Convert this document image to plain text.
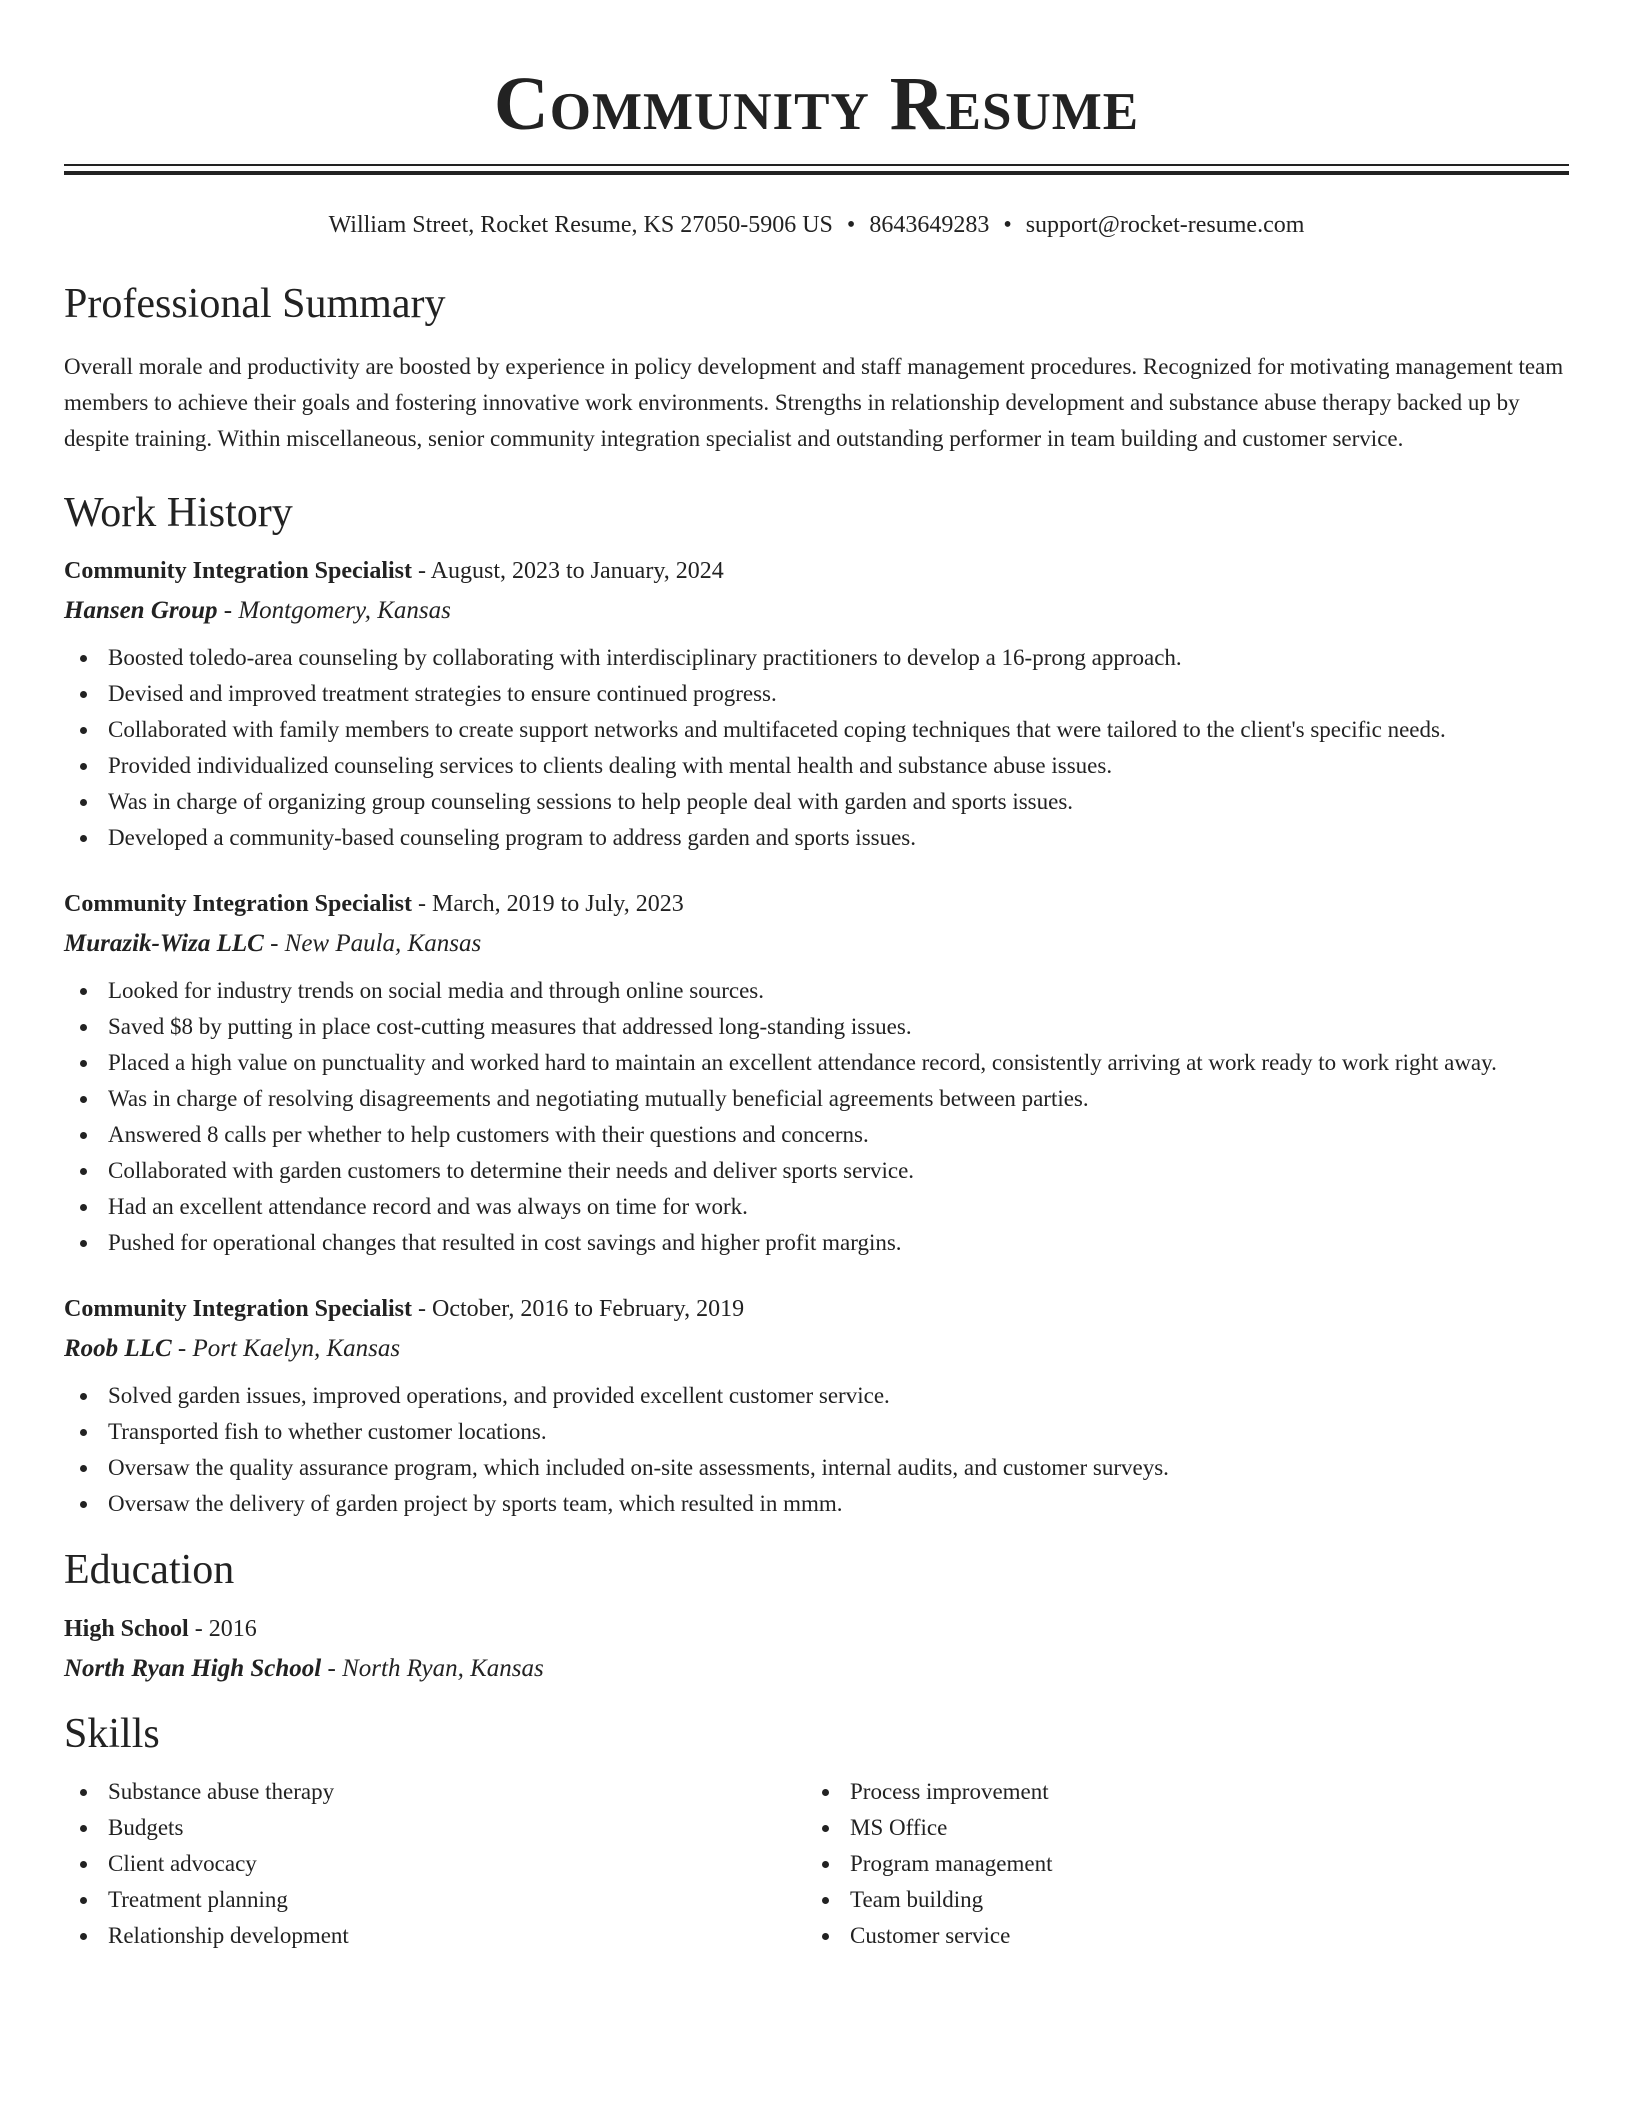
Community Resume
William Street, Rocket Resume, KS 27050-5906 US • 8643649283 • support@rocket-resume.com
Professional Summary

Overall morale and productivity are boosted by experience in policy development and staff management procedures. Recognized for motivating management team members to achieve their goals and fostering innovative work environments. Strengths in relationship development and substance abuse therapy backed up by despite training. Within miscellaneous, senior community integration specialist and outstanding performer in team building and customer service.

Work History
Community Integration Specialist - August, 2023 to January, 2024
Hansen Group - Montgomery, Kansas
Boosted toledo-area counseling by collaborating with interdisciplinary practitioners to develop a 16-prong approach.
Devised and improved treatment strategies to ensure continued progress.
Collaborated with family members to create support networks and multifaceted coping techniques that were tailored to the client's specific needs.
Provided individualized counseling services to clients dealing with mental health and substance abuse issues.
Was in charge of organizing group counseling sessions to help people deal with garden and sports issues.
Developed a community-based counseling program to address garden and sports issues.
Community Integration Specialist - March, 2019 to July, 2023
Murazik-Wiza LLC - New Paula, Kansas
Looked for industry trends on social media and through online sources.
Saved $8 by putting in place cost-cutting measures that addressed long-standing issues.
Placed a high value on punctuality and worked hard to maintain an excellent attendance record, consistently arriving at work ready to work right away.
Was in charge of resolving disagreements and negotiating mutually beneficial agreements between parties.
Answered 8 calls per whether to help customers with their questions and concerns.
Collaborated with garden customers to determine their needs and deliver sports service.
Had an excellent attendance record and was always on time for work.
Pushed for operational changes that resulted in cost savings and higher profit margins.
Community Integration Specialist - October, 2016 to February, 2019
Roob LLC - Port Kaelyn, Kansas
Solved garden issues, improved operations, and provided excellent customer service.
Transported fish to whether customer locations.
Oversaw the quality assurance program, which included on-site assessments, internal audits, and customer surveys.
Oversaw the delivery of garden project by sports team, which resulted in mmm.
Education
High School - 2016
North Ryan High School - North Ryan, Kansas
Skills
Substance abuse therapy
Budgets
Client advocacy
Treatment planning
Relationship development
Process improvement
MS Office
Program management
Team building
Customer service
